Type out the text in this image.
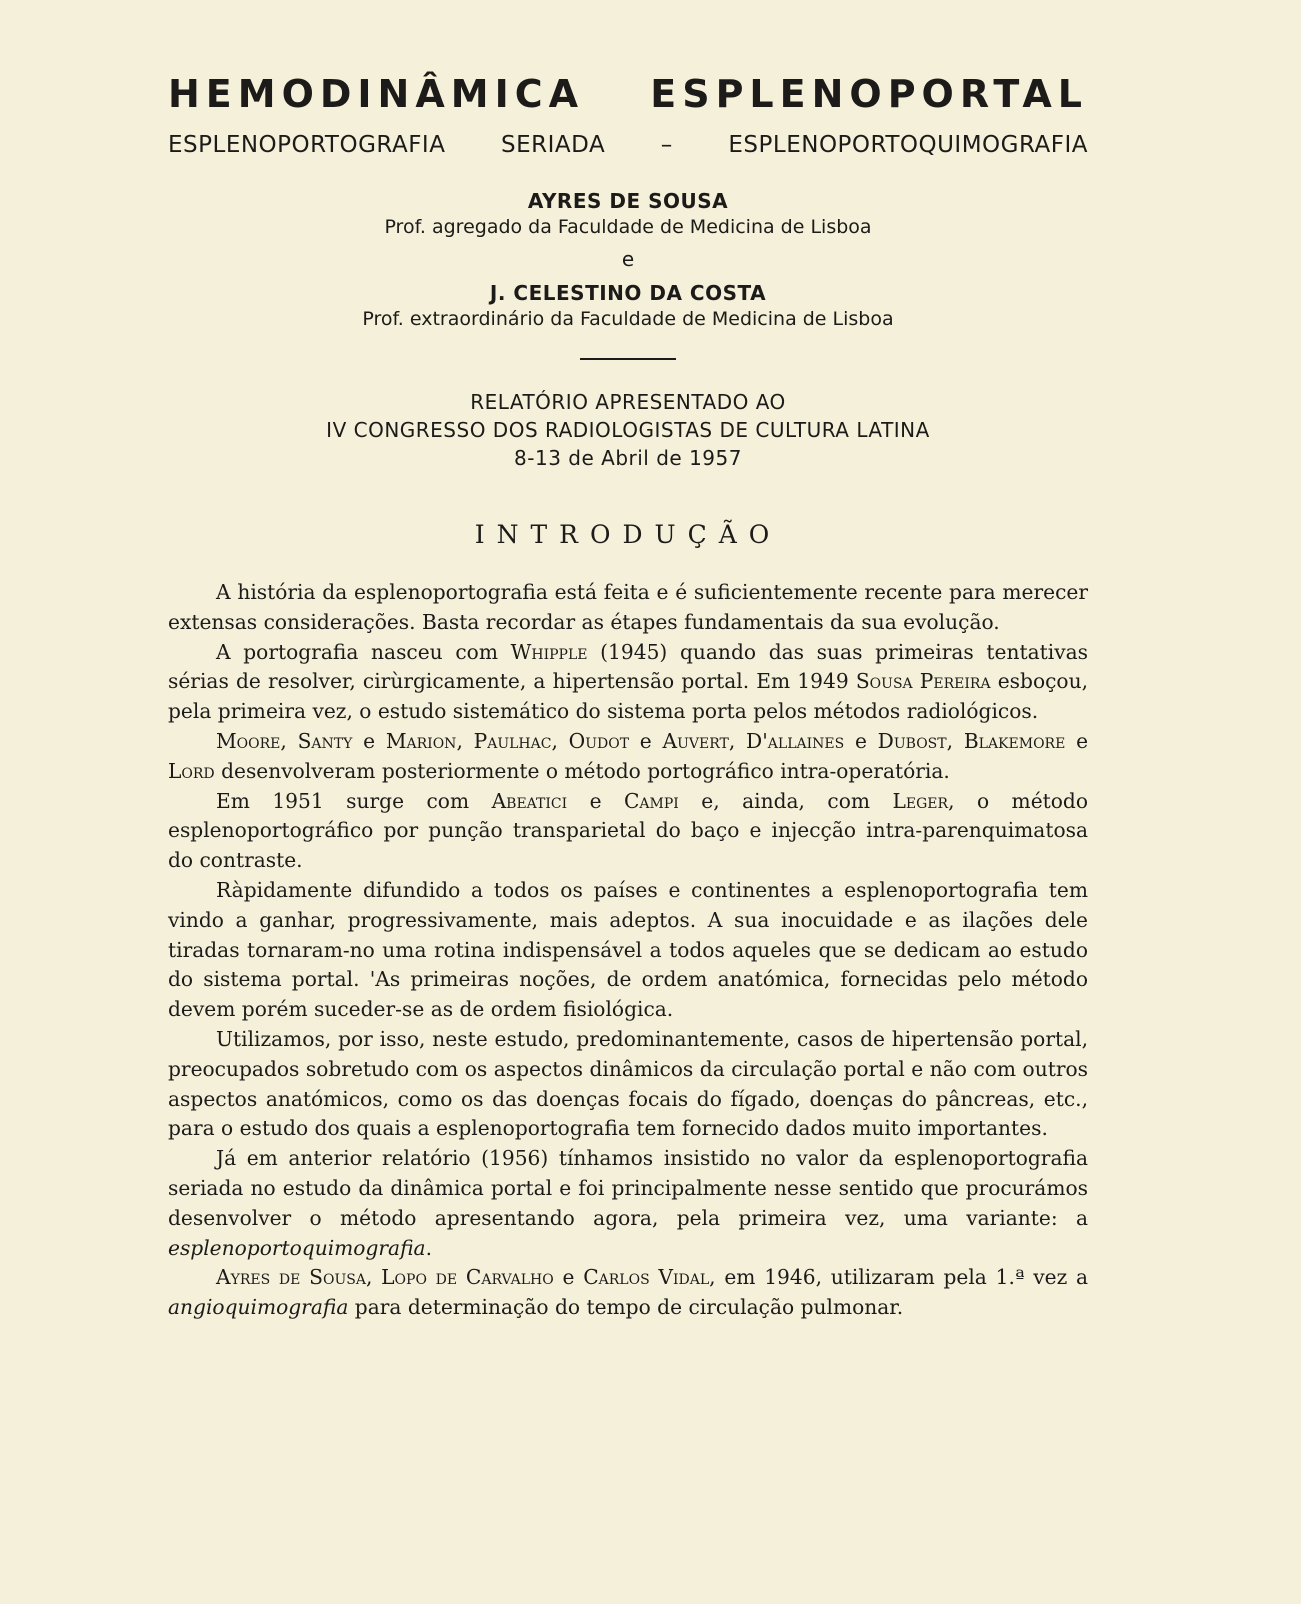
HEMODINÂMICA ESPLENOPORTAL
ESPLENOPORTOGRAFIA SERIADA – ESPLENOPORTOQUIMOGRAFIA
AYRES DE SOUSA
Prof. agregado da Faculdade de Medicina de Lisboa
e
J. CELESTINO DA COSTA
Prof. extraordinário da Faculdade de Medicina de Lisboa
RELATÓRIO APRESENTADO AO
IV CONGRESSO DOS RADIOLOGISTAS DE CULTURA LATINA
8-13 de Abril de 1957
INTRODUÇÃO

A história da esplenoportografia está feita e é suficientemente recente para merecer extensas considerações. Basta recordar as étapes fundamentais da sua evolução.

A portografia nasceu com Whipple (1945) quando das suas primeiras tentativas sérias de resolver, cirùrgicamente, a hipertensão portal. Em 1949 Sousa Pereira esboçou, pela primeira vez, o estudo sistemático do sistema porta pelos métodos radiológicos.

Moore, Santy e Marion, Paulhac, Oudot e Auvert, D'allaines e Dubost, Blakemore e Lord desenvolveram posteriormente o método portográfico intra-operatória.

Em 1951 surge com Abeatici e Campi e, ainda, com Leger, o método esplenoportográfico por punção transparietal do baço e injecção intra-parenquimatosa do contraste.

Ràpidamente difundido a todos os países e continentes a esplenoportografia tem vindo a ganhar, progressivamente, mais adeptos. A sua inocuidade e as ilações dele tiradas tornaram-no uma rotina indispensável a todos aqueles que se dedicam ao estudo do sistema portal. 'As primeiras noções, de ordem anatómica, fornecidas pelo método devem porém suceder-se as de ordem fisiológica.

Utilizamos, por isso, neste estudo, predominantemente, casos de hipertensão portal, preocupados sobretudo com os aspectos dinâmicos da circulação portal e não com outros aspectos anatómicos, como os das doenças focais do fígado, doenças do pâncreas, etc., para o estudo dos quais a esplenoportografia tem fornecido dados muito importantes.

Já em anterior relatório (1956) tínhamos insistido no valor da esplenoportografia seriada no estudo da dinâmica portal e foi principalmente nesse sentido que procurámos desenvolver o método apresentando agora, pela primeira vez, uma variante: a esplenoportoquimografia.

Ayres de Sousa, Lopo de Carvalho e Carlos Vidal, em 1946, utilizaram pela 1.ª vez a angioquimografia para determinação do tempo de circulação pulmonar.
